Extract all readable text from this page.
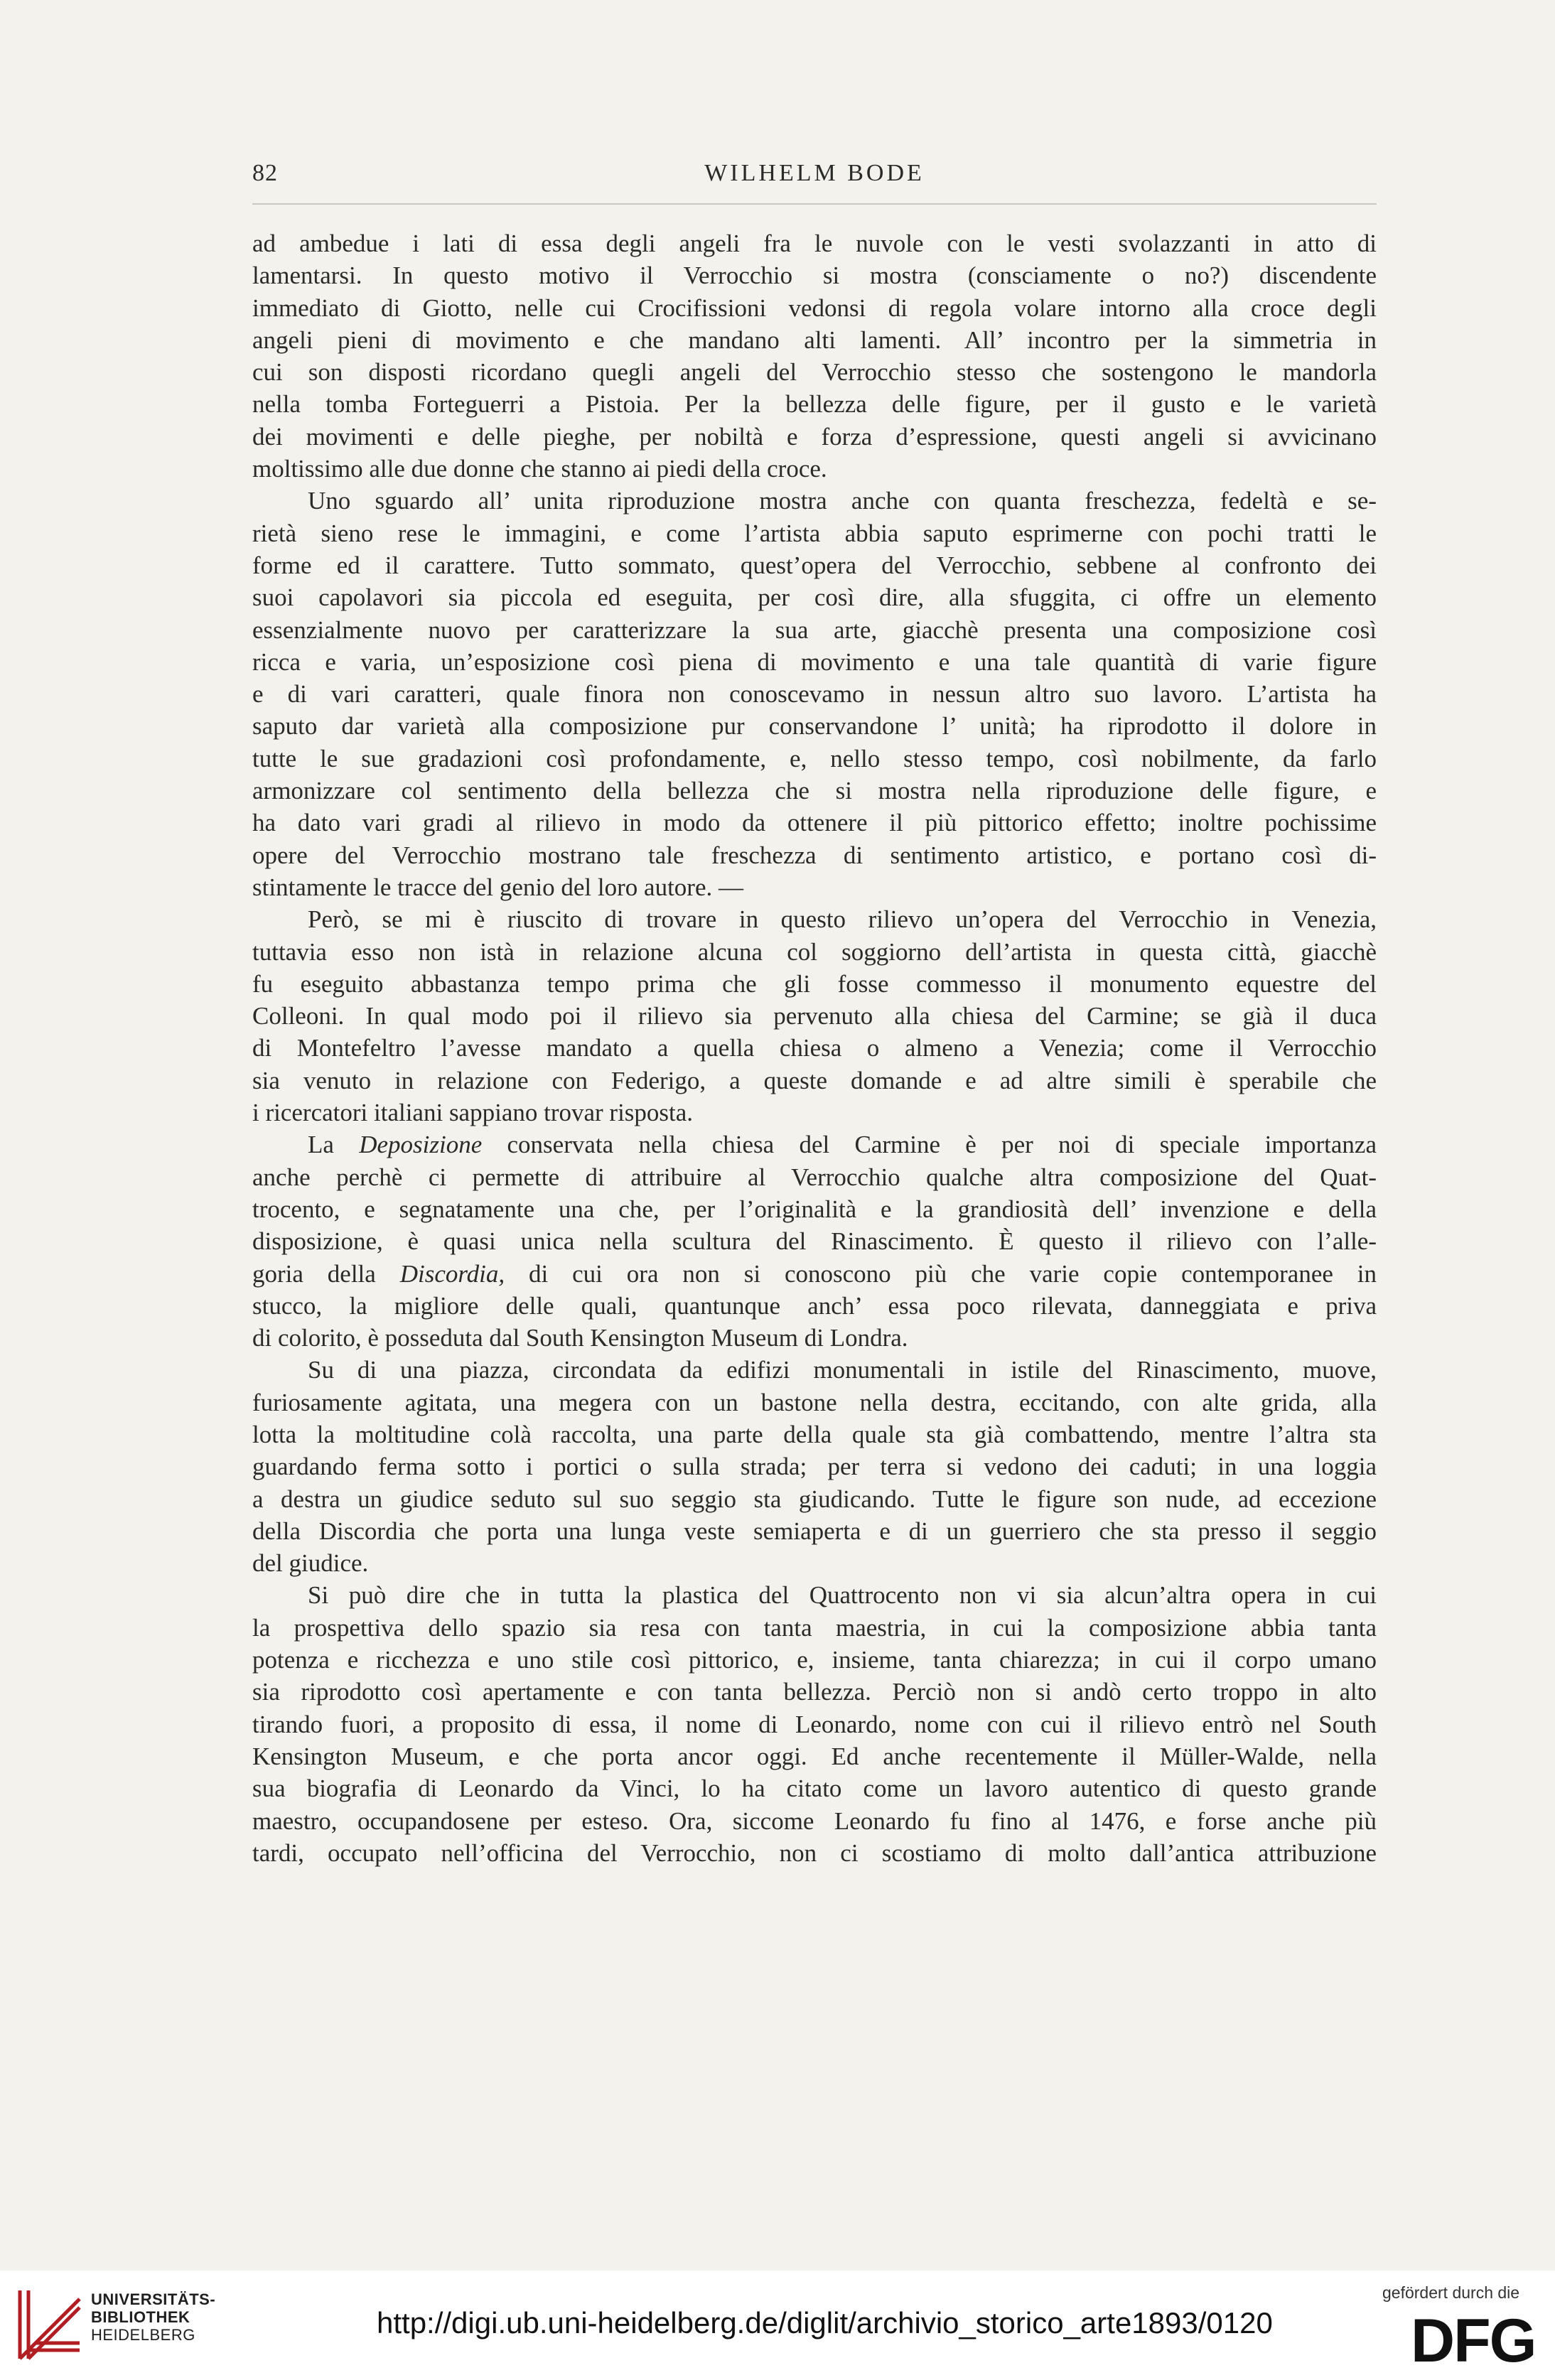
82	WILHELM BODE
ad ambedue i lati di essa degli angeli fra le nuvole con le vesti svolazzanti in atto di
lamentarsi. In questo motivo il Verrocchio si mostra (consciamente o no?) discendente
immediato di Giotto, nelle cui Crocifissioni vedonsi di regola volare intorno alla croce degli
angeli pieni di movimento e che mandano alti lamenti. All’ incontro per la simmetria in
cui son disposti ricordano quegli angeli del Verrocchio stesso che sostengono le mandorla
nella tomba Forteguerri a Pistoia. Per la bellezza delle figure, per il gusto e le varietà
dei movimenti e delle pieghe, per nobiltà e forza d’espressione, questi angeli si avvicinano
moltissimo alle due donne che stanno ai piedi della croce.
Uno sguardo all’ unita riproduzione mostra anche con quanta freschezza, fedeltà e se-
rietà sieno rese le immagini, e come l’artista abbia saputo esprimerne con pochi tratti le
forme ed il carattere. Tutto sommato, quest’opera del Verrocchio, sebbene al confronto dei
suoi capolavori sia piccola ed eseguita, per così dire, alla sfuggita, ci offre un elemento
essenzialmente nuovo per caratterizzare la sua arte, giacchè presenta una composizione così
ricca e varia, un’esposizione così piena di movimento e una tale quantità di varie figure
e di vari caratteri, quale finora non conoscevamo in nessun altro suo lavoro. L’artista ha
saputo dar varietà alla composizione pur conservandone l’ unità; ha riprodotto il dolore in
tutte le sue gradazioni così profondamente, e, nello stesso tempo, così nobilmente, da farlo
armonizzare col sentimento della bellezza che si mostra nella riproduzione delle figure, e
ha dato vari gradi al rilievo in modo da ottenere il più pittorico effetto; inoltre pochissime
opere del Verrocchio mostrano tale freschezza di sentimento artistico, e portano così di-
stintamente le tracce del genio del loro autore. —
Però, se mi è riuscito di trovare in questo rilievo un’opera del Verrocchio in Venezia,
tuttavia esso non istà in relazione alcuna col soggiorno dell’artista in questa città, giacchè
fu eseguito abbastanza tempo prima che gli fosse commesso il monumento equestre del
Colleoni. In qual modo poi il rilievo sia pervenuto alla chiesa del Carmine; se già il duca
di Montefeltro l’avesse mandato a quella chiesa o almeno a Venezia; come il Verrocchio
sia venuto in relazione con Federigo, a queste domande e ad altre simili è sperabile che
i ricercatori italiani sappiano trovar risposta.
La Deposizione conservata nella chiesa del Carmine è per noi di speciale importanza
anche perchè ci permette di attribuire al Verrocchio qualche altra composizione del Quat-
trocento, e segnatamente una che, per l’originalità e la grandiosità dell’ invenzione e della
disposizione, è quasi unica nella scultura del Rinascimento. È questo il rilievo con l’alle-
goria della Discordia, di cui ora non si conoscono più che varie copie contemporanee in
stucco, la migliore delle quali, quantunque anch’ essa poco rilevata, danneggiata e priva
di colorito, è posseduta dal South Kensington Museum di Londra.
Su di una piazza, circondata da edifizi monumentali in istile del Rinascimento, muove,
furiosamente agitata, una megera con un bastone nella destra, eccitando, con alte grida, alla
lotta la moltitudine colà raccolta, una parte della quale sta già combattendo, mentre l’altra sta
guardando ferma sotto i portici o sulla strada; per terra si vedono dei caduti; in una loggia
a destra un giudice seduto sul suo seggio sta giudicando. Tutte le figure son nude, ad eccezione
della Discordia che porta una lunga veste semiaperta e di un guerriero che sta presso il seggio
del giudice.
Si può dire che in tutta la plastica del Quattrocento non vi sia alcun’altra opera in cui
la prospettiva dello spazio sia resa con tanta maestria, in cui la composizione abbia tanta
potenza e ricchezza e uno stile così pittorico, e, insieme, tanta chiarezza; in cui il corpo umano
sia riprodotto così apertamente e con tanta bellezza. Perciò non si andò certo troppo in alto
tirando fuori, a proposito di essa, il nome di Leonardo, nome con cui il rilievo entrò nel South
Kensington Museum, e che porta ancor oggi. Ed anche recentemente il Müller-Walde, nella
sua biografia di Leonardo da Vinci, lo ha citato come un lavoro autentico di questo grande
maestro, occupandosene per esteso. Ora, siccome Leonardo fu fino al 1476, e forse anche più
tardi, occupato nell’officina del Verrocchio, non ci scostiamo di molto dall’antica attribuzione
UNIVERSITÄTS-
BIBLIOTHEK
HEIDELBERG	http://digi.ub.uni-heidelberg.de/diglit/archivio_storico_arte1893/0120
gefördert durch die
DFG
